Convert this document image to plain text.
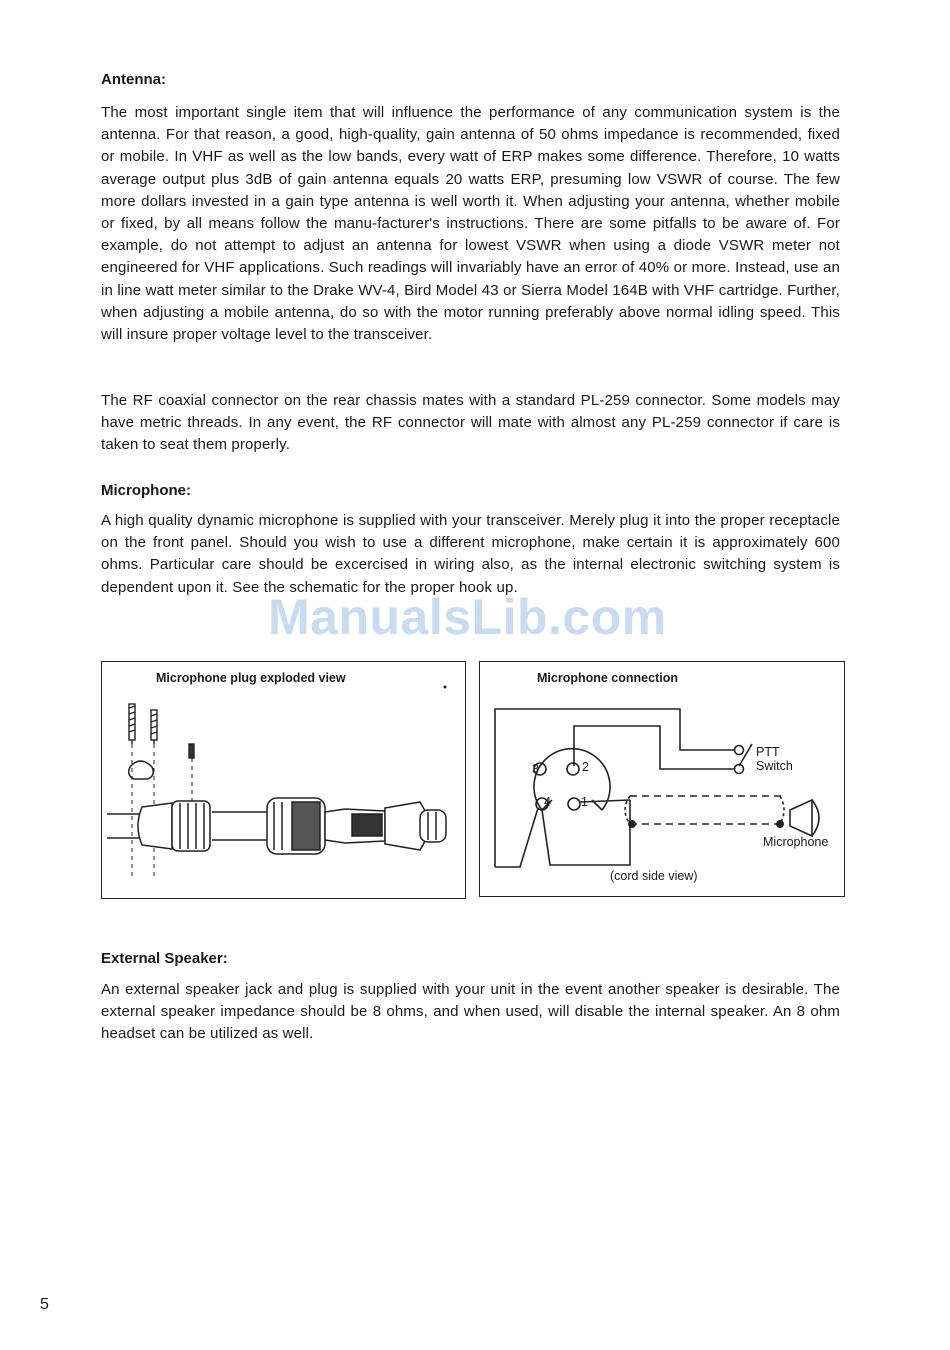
Antenna:
The most important single item that will influence the performance of any communication system is the antenna. For that reason, a good, high-quality, gain antenna of 50 ohms impedance is recommended, fixed or mobile. In VHF as well as the low bands, every watt of ERP makes some difference. Therefore, 10 watts average output plus 3dB of gain antenna equals 20 watts ERP, presuming low VSWR of course. The few more dollars invested in a gain type antenna is well worth it. When adjusting your antenna, whether mobile or fixed, by all means follow the manu-facturer's instructions. There are some pitfalls to be aware of. For example, do not attempt to adjust an antenna for lowest VSWR when using a diode VSWR meter not engineered for VHF applications. Such readings will invariably have an error of 40% or more. Instead, use an in line watt meter similar to the Drake WV-4, Bird Model 43 or Sierra Model 164B with VHF cartridge. Further, when adjusting a mobile antenna, do so with the motor running preferably above normal idling speed. This will insure proper voltage level to the transceiver.
The RF coaxial connector on the rear chassis mates with a standard PL-259 connector. Some models may have metric threads. In any event, the RF connector will mate with almost any PL-259 connector if care is taken to seat them properly.
Microphone:
A high quality dynamic microphone is supplied with your transceiver. Merely plug it into the proper receptacle on the front panel. Should you wish to use a different microphone, make certain it is approximately 600 ohms. Particular care should be excercised in wiring also, as the internal electronic switching system is dependent upon it. See the schematic for the proper hook up.
ManualsLib.com
Microphone plug exploded view	Microphone connection
3	2
4 1
PTT
Switch
Microphone
(cord side view)
External Speaker:
An external speaker jack and plug is supplied with your unit in the event another speaker is desirable. The external speaker impedance should be 8 ohms, and when used, will disable the internal speaker. An 8 ohm headset can be utilized as well.
5
